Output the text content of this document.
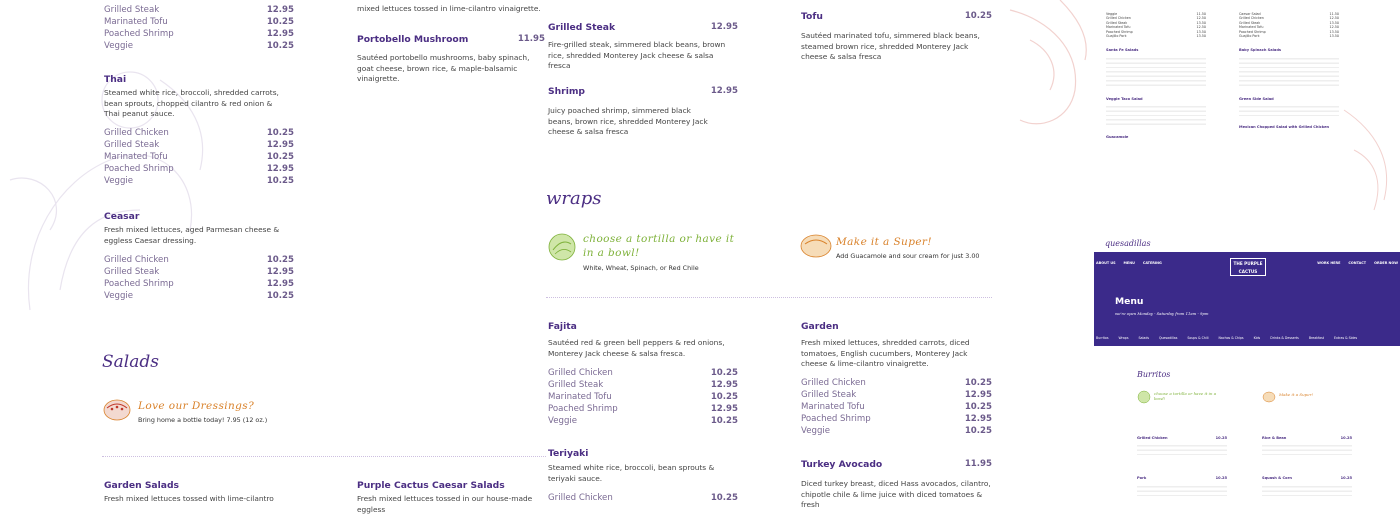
Grilled Steak	12.95
Marinated Tofu	10.25
Poached Shrimp	12.95
Veggie	10.25
Thai
Steamed white rice, broccoli, shredded carrots, bean sprouts, chopped cilantro & red onion & Thai peanut sauce.
Grilled Chicken	10.25
Grilled Steak	12.95
Marinated Tofu	10.25
Poached Shrimp	12.95
Veggie	10.25
Ceasar
Fresh mixed lettuces, aged Parmesan cheese & eggless Caesar dressing.
Grilled Chicken	10.25
Grilled Steak	12.95
Poached Shrimp	12.95
Veggie	10.25
Salads
Love our Dressings?
Bring home a bottle today! 7.95 (12 oz.)
Garden Salads
Fresh mixed lettuces tossed with lime-cilantro
Purple Cactus Caesar Salads
Fresh mixed lettuces tossed in our house-made eggless
mixed lettuces tossed in lime-cilantro vinaigrette.
Portobello Mushroom	11.95
Sautéed portobello mushrooms, baby spinach, goat cheese, brown rice, & maple-balsamic vinaigrette.
Grilled Steak	12.95
Fire-grilled steak, simmered black beans, brown rice, shredded Monterey Jack cheese & salsa fresca
Shrimp	12.95
Juicy poached shrimp, simmered black beans, brown rice, shredded Monterey Jack cheese & salsa fresca
wraps
choose a tortilla or have it in a bowl!
White, Wheat, Spinach, or Red Chile
Make it a Super!
Add Guacamole and sour cream for just 3.00
Fajita
Sautéed red & green bell peppers & red onions, Monterey Jack cheese & salsa fresca.
Grilled Chicken	10.25
Grilled Steak	12.95
Marinated Tofu	10.25
Poached Shrimp	12.95
Veggie	10.25
Teriyaki
Steamed white rice, broccoli, bean sprouts & teriyaki sauce.
Grilled Chicken	10.25
Tofu	10.25
Sautéed marinated tofu, simmered black beans, steamed brown rice, shredded Monterey Jack cheese & salsa fresca
Garden
Fresh mixed lettuces, shredded carrots, diced tomatoes, English cucumbers, Monterey Jack cheese & lime-cilantro vinaigrette.
Grilled Chicken	10.25
Grilled Steak	12.95
Marinated Tofu	10.25
Poached Shrimp	12.95
Veggie	10.25
Turkey Avocado	11.95
Diced turkey breast, diced Hass avocados, cilantro, chipotle chile & lime juice with diced tomatoes & fresh
Veggie	11.50
Grilled Chicken	12.50
Grilled Steak	13.50
Marinated Tofu	12.50
Poached Shrimp	13.50
Guajillo Pork	13.50
Santa Fe Salads
Veggie Taco Salad
Guacamole
Caesar Salad	11.50
Grilled Chicken	12.50
Grilled Steak	13.50
Marinated Tofu	12.50
Poached Shrimp	13.50
Guajillo Pork	13.50
Baby Spinach Salads
Green Side Salad
Mexican Chopped Salad with Grilled Chicken
quesadillas
ABOUT US MENU CATERING	WORK HERE CONTACT ORDER NOW
THE PURPLE CACTUS
Menu
we're open Monday - Saturday from 11am - 9pm
Burritos	Wraps	Salads	Quesadillas	Soups & Chili	Nachos & Chips	Kids	Drinks & Desserts	Breakfast	Extras & Sides
Burritos
choose a tortilla or have it in a bowl!
Make it a Super!
Grilled Chicken	10.25
Pork	10.25
Rice & Bean	10.25
Squash & Corn	10.25
